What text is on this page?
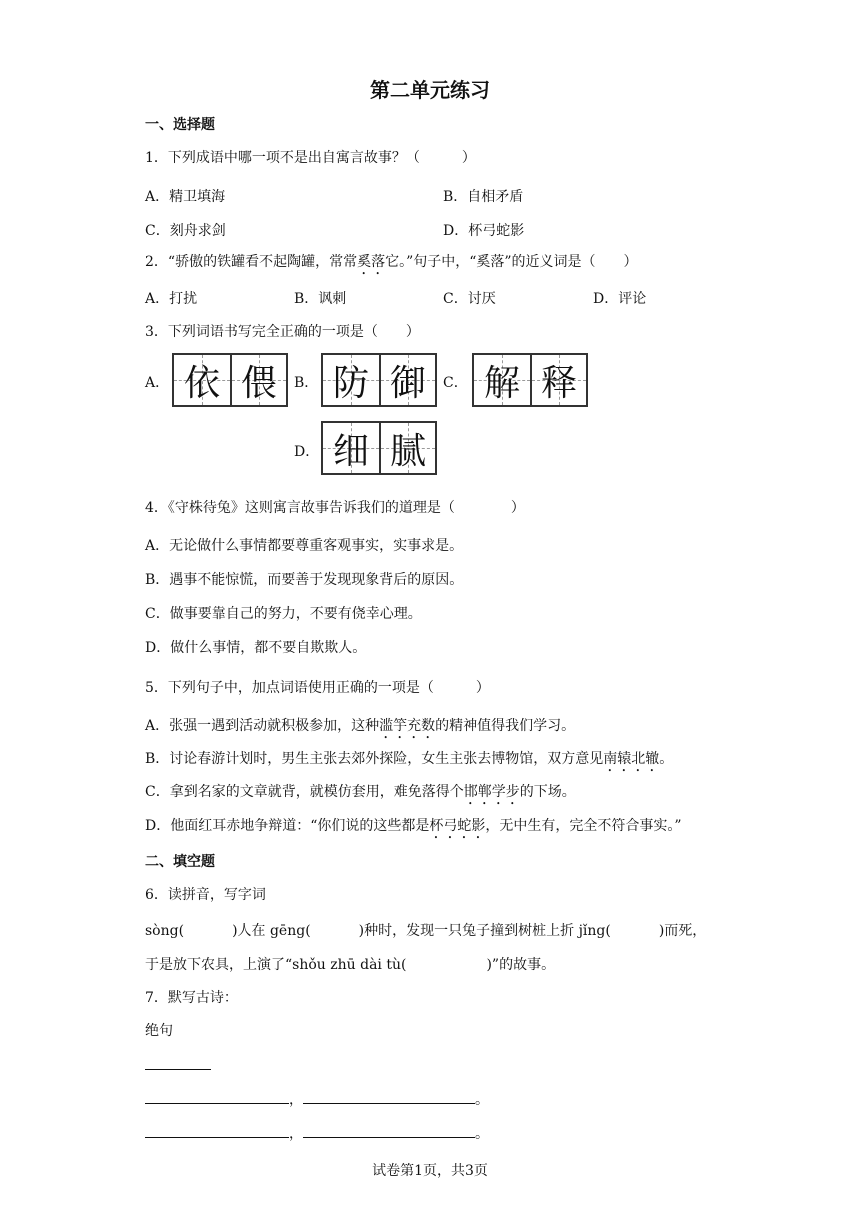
第二单元练习
一、选择题
1．下列成语中哪一项不是出自寓言故事？（　　　）
A．精卫填海	B．自相矛盾
C．刻舟求剑	D．杯弓蛇影
2．“骄傲的铁罐看不起陶罐，常常奚落它。”句子中，“奚落”的近义词是（　　）
A．打扰	B．讽刺	C．讨厌	D．评论
3．下列词语书写完全正确的一项是（　　）
A． 依 偎 B． 防 御 C． 解 释
D． 细 腻
4．《守株待兔》这则寓言故事告诉我们的道理是（　　　　）
A．无论做什么事情都要尊重客观事实，实事求是。
B．遇事不能惊慌，而要善于发现现象背后的原因。
C．做事要靠自己的努力，不要有侥幸心理。
D．做什么事情，都不要自欺欺人。
5．下列句子中，加点词语使用正确的一项是（　　　）
A．张强一遇到活动就积极参加，这种滥竽充数的精神值得我们学习。
B．讨论春游计划时，男生主张去郊外探险，女生主张去博物馆，双方意见南辕北辙。
C．拿到名家的文章就背，就模仿套用，难免落得个邯郸学步的下场。
D．他面红耳赤地争辩道：“你们说的这些都是杯弓蛇影，无中生有，完全不符合事实。”
二、填空题
6．读拼音，写字词
sòng(	)人在 gēng(	)种时，发现一只兔子撞到树桩上折 jǐng(	)而死，
于是放下农具，上演了“shǒu zhū dài tù(	)”的故事。
7．默写古诗：
绝句
，	。
，	。
试卷第1页，共3页
